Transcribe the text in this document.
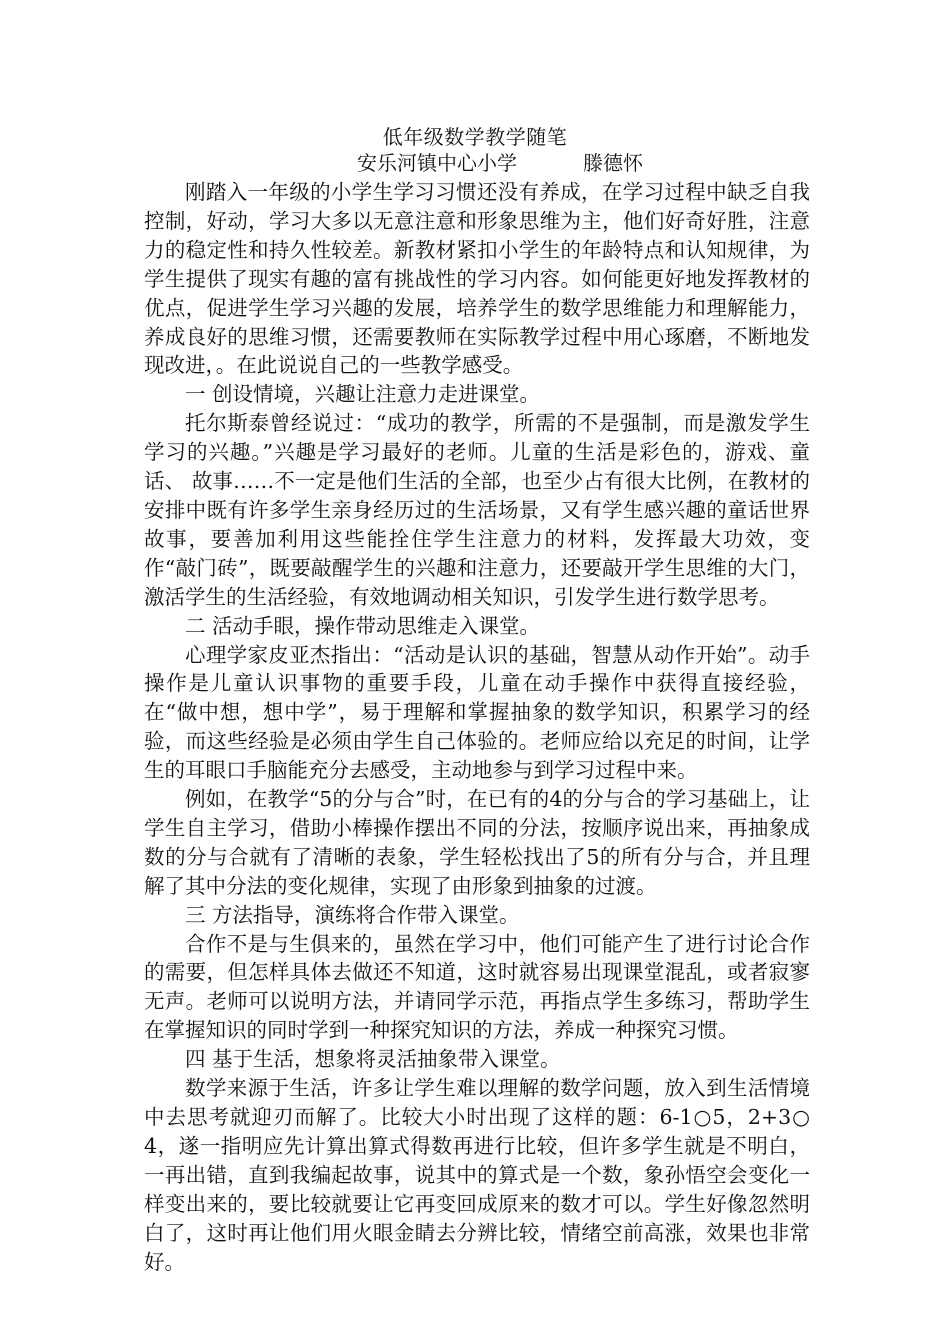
低年级数学教学随笔
安乐河镇中心小学	滕德怀

刚踏入一年级的小学生学习习惯还没有养成，在学习过程中缺乏自我控制，好动，学习大多以无意注意和形象思维为主，他们好奇好胜，注意力的稳定性和持久性较差。新教材紧扣小学生的年龄特点和认知规律，为学生提供了现实有趣的富有挑战性的学习内容。如何能更好地发挥教材的优点，促进学生学习兴趣的发展，培养学生的数学思维能力和理解能力，养成良好的思维习惯，还需要教师在实际教学过程中用心琢磨，不断地发现改进，。在此说说自己的一些教学感受。

一 创设情境，兴趣让注意力走进课堂。

托尔斯泰曾经说过：“成功的教学，所需的不是强制，而是激发学生学习的兴趣。”兴趣是学习最好的老师。儿童的生活是彩色的，游戏、童话、 故事……不一定是他们生活的全部，也至少占有很大比例，在教材的安排中既有许多学生亲身经历过的生活场景，又有学生感兴趣的童话世界故事，要善加利用这些能拴住学生注意力的材料，发挥最大功效，变作“敲门砖”，既要敲醒学生的兴趣和注意力，还要敲开学生思维的大门，激活学生的生活经验，有效地调动相关知识，引发学生进行数学思考。

二 活动手眼，操作带动思维走入课堂。

心理学家皮亚杰指出：“活动是认识的基础，智慧从动作开始”。动手操作是儿童认识事物的重要手段，儿童在动手操作中获得直接经验，在“做中想，想中学”，易于理解和掌握抽象的数学知识，积累学习的经验，而这些经验是必须由学生自己体验的。老师应给以充足的时间，让学生的耳眼口手脑能充分去感受，主动地参与到学习过程中来。

例如，在教学“5的分与合”时，在已有的4的分与合的学习基础上，让学生自主学习，借助小棒操作摆出不同的分法，按顺序说出来，再抽象成数的分与合就有了清晰的表象，学生轻松找出了5的所有分与合，并且理解了其中分法的变化规律，实现了由形象到抽象的过渡。

三 方法指导，演练将合作带入课堂。

合作不是与生俱来的，虽然在学习中，他们可能产生了进行讨论合作的需要，但怎样具体去做还不知道，这时就容易出现课堂混乱，或者寂寥无声。老师可以说明方法，并请同学示范，再指点学生多练习，帮助学生在掌握知识的同时学到一种探究知识的方法，养成一种探究习惯。

四 基于生活，想象将灵活抽象带入课堂。

数学来源于生活，许多让学生难以理解的数学问题，放入到生活情境中去思考就迎刃而解了。比较大小时出现了这样的题：6-1○5，2+3○4，遂一指明应先计算出算式得数再进行比较，但许多学生就是不明白，一再出错，直到我编起故事，说其中的算式是一个数，象孙悟空会变化一样变出来的，要比较就要让它再变回成原来的数才可以。学生好像忽然明白了，这时再让他们用火眼金睛去分辨比较，情绪空前高涨，效果也非常好。
